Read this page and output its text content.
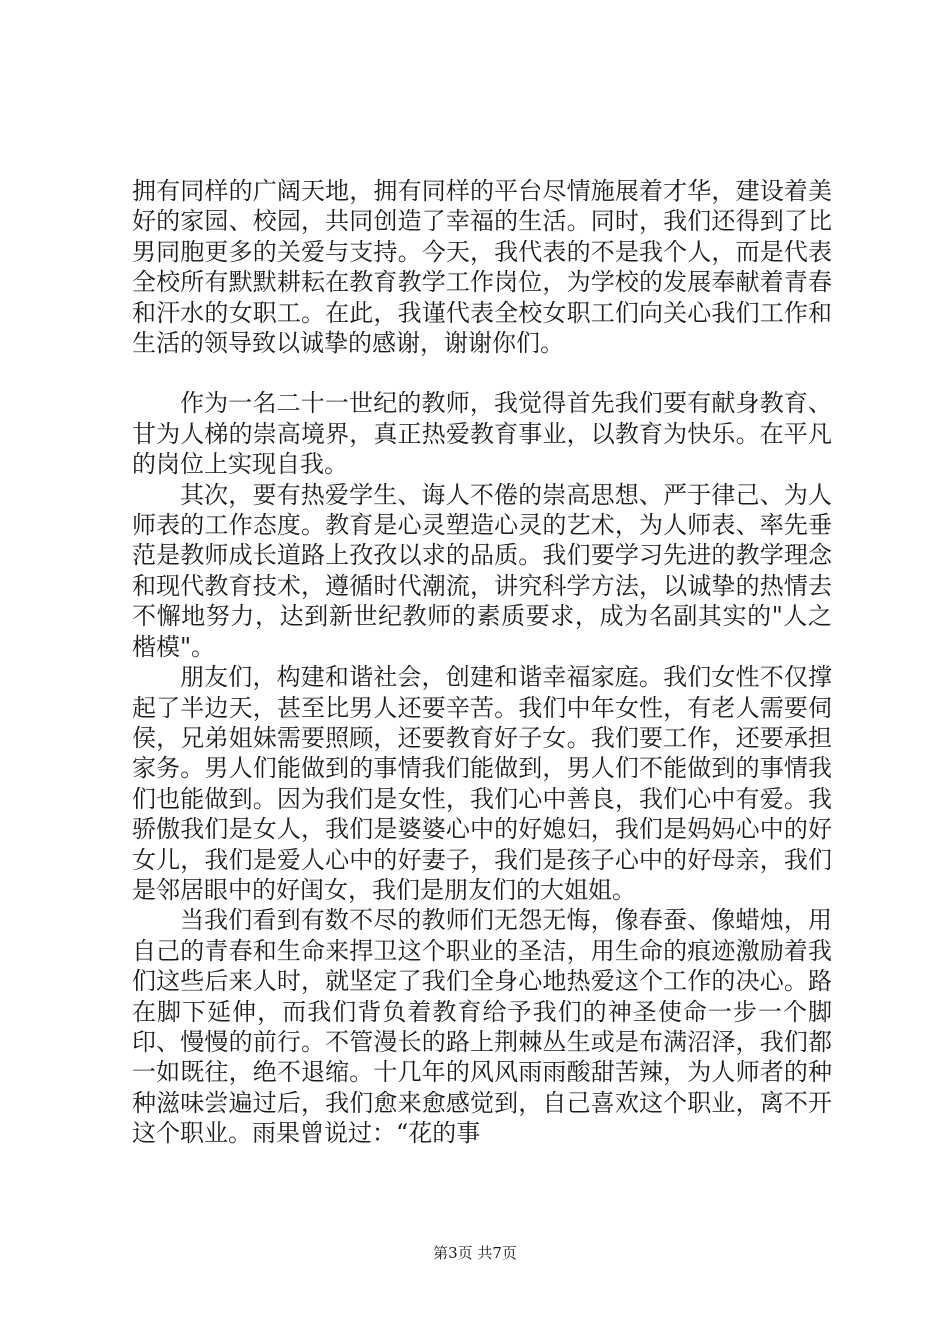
拥有同样的广阔天地，拥有同样的平台尽情施展着才华，建设着美好的家园、校园，共同创造了幸福的生活。同时，我们还得到了比男同胞更多的关爱与支持。今天，我代表的不是我个人，而是代表全校所有默默耕耘在教育教学工作岗位，为学校的发展奉献着青春和汗水的女职工。在此，我谨代表全校女职工们向关心我们工作和生活的领导致以诚挚的感谢，谢谢你们。

作为一名二十一世纪的教师，我觉得首先我们要有献身教育、甘为人梯的崇高境界，真正热爱教育事业，以教育为快乐。在平凡的岗位上实现自我。

其次，要有热爱学生、诲人不倦的崇高思想、严于律己、为人师表的工作态度。教育是心灵塑造心灵的艺术，为人师表、率先垂范是教师成长道路上孜孜以求的品质。我们要学习先进的教学理念和现代教育技术，遵循时代潮流，讲究科学方法，以诚挚的热情去不懈地努力，达到新世纪教师的素质要求，成为名副其实的"人之楷模"。

朋友们，构建和谐社会，创建和谐幸福家庭。我们女性不仅撑起了半边天，甚至比男人还要辛苦。我们中年女性，有老人需要伺侯，兄弟姐妹需要照顾，还要教育好子女。我们要工作，还要承担家务。男人们能做到的事情我们能做到，男人们不能做到的事情我们也能做到。因为我们是女性，我们心中善良，我们心中有爱。我骄傲我们是女人，我们是婆婆心中的好媳妇，我们是妈妈心中的好女儿，我们是爱人心中的好妻子，我们是孩子心中的好母亲，我们是邻居眼中的好闺女，我们是朋友们的大姐姐。

当我们看到有数不尽的教师们无怨无悔，像春蚕、像蜡烛，用自己的青春和生命来捍卫这个职业的圣洁，用生命的痕迹激励着我们这些后来人时，就坚定了我们全身心地热爱这个工作的决心。路在脚下延伸，而我们背负着教育给予我们的神圣使命一步一个脚印、慢慢的前行。不管漫长的路上荆棘丛生或是布满沼泽，我们都一如既往，绝不退缩。十几年的风风雨雨酸甜苦辣，为人师者的种种滋味尝遍过后，我们愈来愈感觉到，自己喜欢这个职业，离不开这个职业。雨果曾说过：“花的事

第3页 共7页
